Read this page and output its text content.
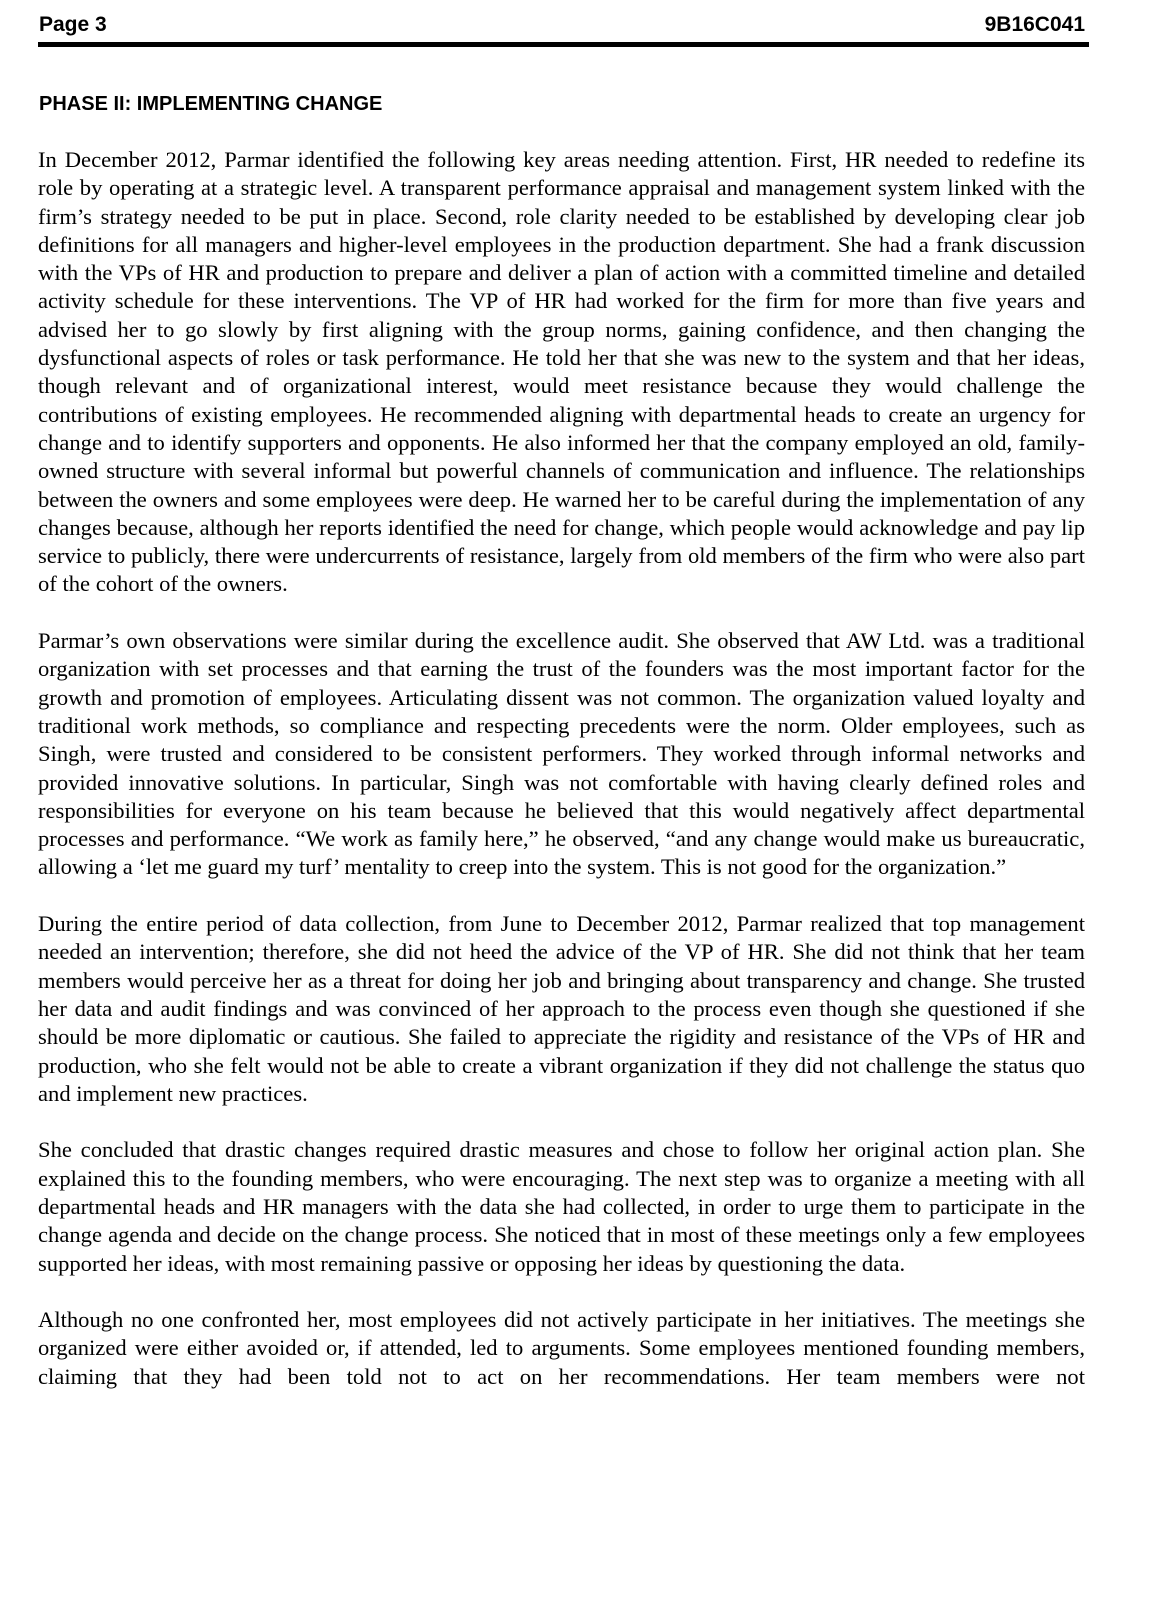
Page 3	9B16C041
PHASE II: IMPLEMENTING CHANGE

In December 2012, Parmar identified the following key areas needing attention. First, HR needed to redefine its role by operating at a strategic level. A transparent performance appraisal and management system linked with the firm’s strategy needed to be put in place. Second, role clarity needed to be established by developing clear job definitions for all managers and higher-level employees in the production department. She had a frank discussion with the VPs of HR and production to prepare and deliver a plan of action with a committed timeline and detailed activity schedule for these interventions. The VP of HR had worked for the firm for more than five years and advised her to go slowly by first aligning with the group norms, gaining confidence, and then changing the dysfunctional aspects of roles or task performance. He told her that she was new to the system and that her ideas, though relevant and of organizational interest, would meet resistance because they would challenge the contributions of existing employees. He recommended aligning with departmental heads to create an urgency for change and to identify supporters and opponents. He also informed her that the company employed an old, family-owned structure with several informal but powerful channels of communication and influence. The relationships between the owners and some employees were deep. He warned her to be careful during the implementation of any changes because, although her reports identified the need for change, which people would acknowledge and pay lip service to publicly, there were undercurrents of resistance, largely from old members of the firm who were also part of the cohort of the owners.

Parmar’s own observations were similar during the excellence audit. She observed that AW Ltd. was a traditional organization with set processes and that earning the trust of the founders was the most important factor for the growth and promotion of employees. Articulating dissent was not common. The organization valued loyalty and traditional work methods, so compliance and respecting precedents were the norm. Older employees, such as Singh, were trusted and considered to be consistent performers. They worked through informal networks and provided innovative solutions. In particular, Singh was not comfortable with having clearly defined roles and responsibilities for everyone on his team because he believed that this would negatively affect departmental processes and performance. “We work as family here,” he observed, “and any change would make us bureaucratic, allowing a ‘let me guard my turf’ mentality to creep into the system. This is not good for the organization.”

During the entire period of data collection, from June to December 2012, Parmar realized that top management needed an intervention; therefore, she did not heed the advice of the VP of HR. She did not think that her team members would perceive her as a threat for doing her job and bringing about transparency and change. She trusted her data and audit findings and was convinced of her approach to the process even though she questioned if she should be more diplomatic or cautious. She failed to appreciate the rigidity and resistance of the VPs of HR and production, who she felt would not be able to create a vibrant organization if they did not challenge the status quo and implement new practices.

She concluded that drastic changes required drastic measures and chose to follow her original action plan. She explained this to the founding members, who were encouraging. The next step was to organize a meeting with all departmental heads and HR managers with the data she had collected, in order to urge them to participate in the change agenda and decide on the change process. She noticed that in most of these meetings only a few employees supported her ideas, with most remaining passive or opposing her ideas by questioning the data.

Although no one confronted her, most employees did not actively participate in her initiatives. The meetings she organized were either avoided or, if attended, led to arguments. Some employees mentioned founding members, claiming that they had been told not to act on her recommendations. Her team members were not
